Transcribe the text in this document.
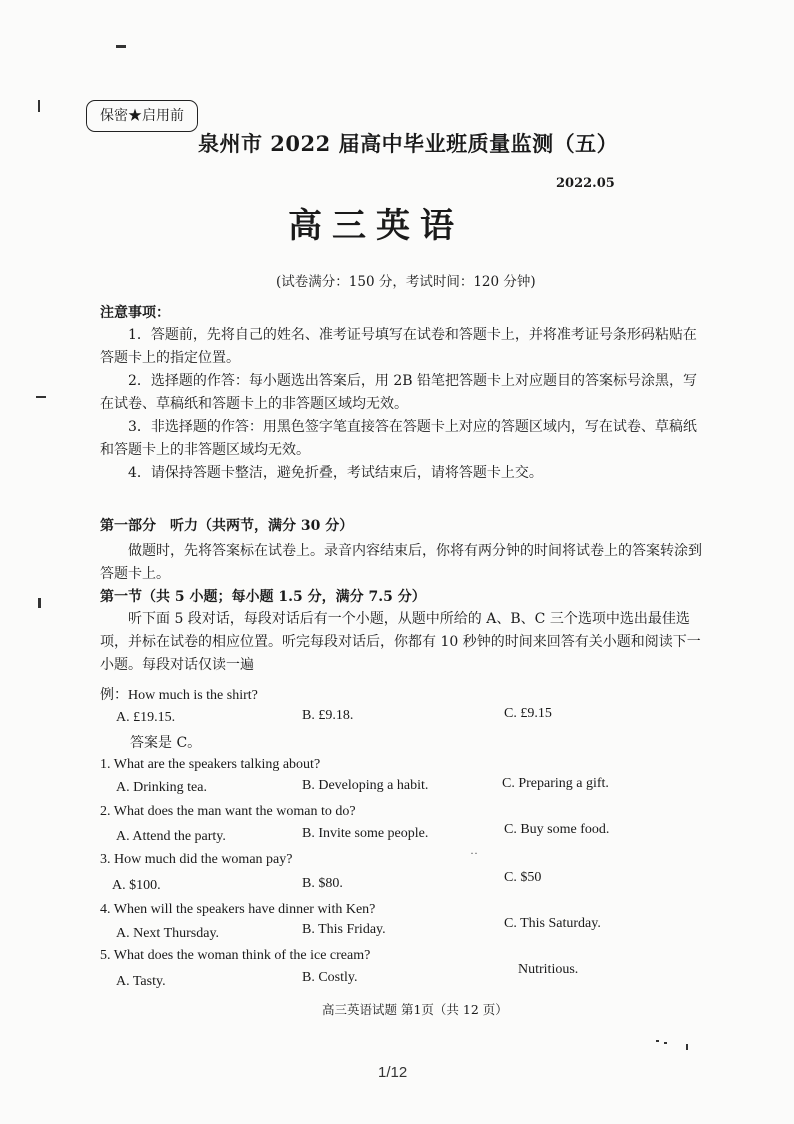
保密★启用前
泉州市 2022 届高中毕业班质量监测（五）
2022.05
高三英语
(试卷满分：150 分，考试时间：120 分钟)
注意事项：
1．答题前，先将自己的姓名、准考证号填写在试卷和答题卡上，并将准考证号条形码粘贴在答题卡上的指定位置。
2．选择题的作答：每小题选出答案后，用 2B 铅笔把答题卡上对应题目的答案标号涂黑，写在试卷、草稿纸和答题卡上的非答题区域均无效。
3．非选择题的作答：用黑色签字笔直接答在答题卡上对应的答题区域内，写在试卷、草稿纸和答题卡上的非答题区域均无效。
4．请保持答题卡整洁，避免折叠，考试结束后，请将答题卡上交。
第一部分　听力（共两节，满分 30 分）
做题时，先将答案标在试卷上。录音内容结束后，你将有两分钟的时间将试卷上的答案转涂到答题卡上。
第一节（共 5 小题；每小题 1.5 分，满分 7.5 分）
听下面 5 段对话，每段对话后有一个小题，从题中所给的 A、B、C 三个选项中选出最佳选项，并标在试卷的相应位置。听完每段对话后，你都有 10 秒钟的时间来回答有关小题和阅读下一小题。每段对话仅读一遍
例：How much is the shirt?
A. £19.15.	B. £9.18.	C. £9.15
答案是 C。
1. What are the speakers talking about?
A. Drinking tea.	B. Developing a habit.	C. Preparing a gift.
2. What does the man want the woman to do?
A. Attend the party.	B. Invite some people.	C. Buy some food.
3. How much did the woman pay?	··
A. $100.	B. $80.	C. $50
4. When will the speakers have dinner with Ken?
A. Next Thursday.	B. This Friday.	C. This Saturday.
5. What does the woman think of the ice cream?
A. Tasty.	B. Costly.
Nutritious.
高三英语试题 第1页（共 12 页）
1/12
